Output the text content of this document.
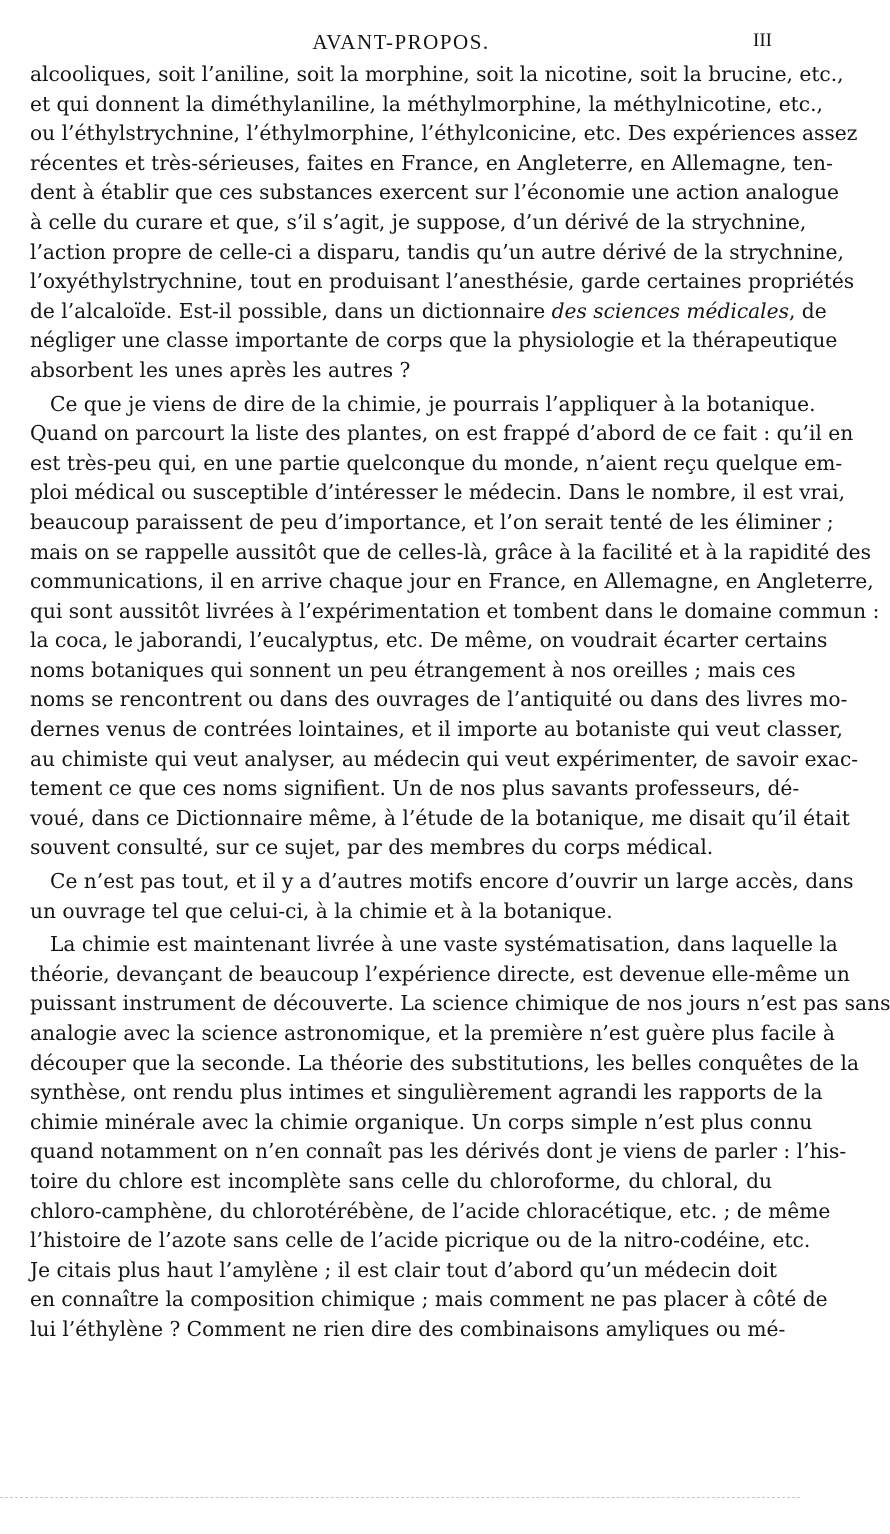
AVANT-PROPOS.	III

alcooliques, soit l’aniline, soit la morphine, soit la nicotine, soit la brucine, etc.,
et qui donnent la diméthylaniline, la méthylmorphine, la méthylnicotine, etc.,
ou l’éthylstrychnine, l’éthylmorphine, l’éthylconicine, etc. Des expériences assez
récentes et très-sérieuses, faites en France, en Angleterre, en Allemagne, ten-
dent à établir que ces substances exercent sur l’économie une action analogue
à celle du curare et que, s’il s’agit, je suppose, d’un dérivé de la strychnine,
l’action propre de celle-ci a disparu, tandis qu’un autre dérivé de la strychnine,
l’oxyéthylstrychnine, tout en produisant l’anesthésie, garde certaines propriétés
de l’alcaloïde. Est-il possible, dans un dictionnaire des sciences médicales, de
négliger une classe importante de corps que la physiologie et la thérapeutique
absorbent les unes après les autres ?

Ce que je viens de dire de la chimie, je pourrais l’appliquer à la botanique.
Quand on parcourt la liste des plantes, on est frappé d’abord de ce fait : qu’il en
est très-peu qui, en une partie quelconque du monde, n’aient reçu quelque em-
ploi médical ou susceptible d’intéresser le médecin. Dans le nombre, il est vrai,
beaucoup paraissent de peu d’importance, et l’on serait tenté de les éliminer ;
mais on se rappelle aussitôt que de celles-là, grâce à la facilité et à la rapidité des
communications, il en arrive chaque jour en France, en Allemagne, en Angleterre,
qui sont aussitôt livrées à l’expérimentation et tombent dans le domaine commun :
la coca, le jaborandi, l’eucalyptus, etc. De même, on voudrait écarter certains
noms botaniques qui sonnent un peu étrangement à nos oreilles ; mais ces
noms se rencontrent ou dans des ouvrages de l’antiquité ou dans des livres mo-
dernes venus de contrées lointaines, et il importe au botaniste qui veut classer,
au chimiste qui veut analyser, au médecin qui veut expérimenter, de savoir exac-
tement ce que ces noms signifient. Un de nos plus savants professeurs, dé-
voué, dans ce Dictionnaire même, à l’étude de la botanique, me disait qu’il était
souvent consulté, sur ce sujet, par des membres du corps médical.

Ce n’est pas tout, et il y a d’autres motifs encore d’ouvrir un large accès, dans
un ouvrage tel que celui-ci, à la chimie et à la botanique.

La chimie est maintenant livrée à une vaste systématisation, dans laquelle la
théorie, devançant de beaucoup l’expérience directe, est devenue elle-même un
puissant instrument de découverte. La science chimique de nos jours n’est pas sans
analogie avec la science astronomique, et la première n’est guère plus facile à
découper que la seconde. La théorie des substitutions, les belles conquêtes de la
synthèse, ont rendu plus intimes et singulièrement agrandi les rapports de la
chimie minérale avec la chimie organique. Un corps simple n’est plus connu
quand notamment on n’en connaît pas les dérivés dont je viens de parler : l’his-
toire du chlore est incomplète sans celle du chloroforme, du chloral, du
chloro-camphène, du chlorotérébène, de l’acide chloracétique, etc. ; de même
l’histoire de l’azote sans celle de l’acide picrique ou de la nitro-codéine, etc.
Je citais plus haut l’amylène ; il est clair tout d’abord qu’un médecin doit
en connaître la composition chimique ; mais comment ne pas placer à côté de
lui l’éthylène ? Comment ne rien dire des combinaisons amyliques ou mé-
